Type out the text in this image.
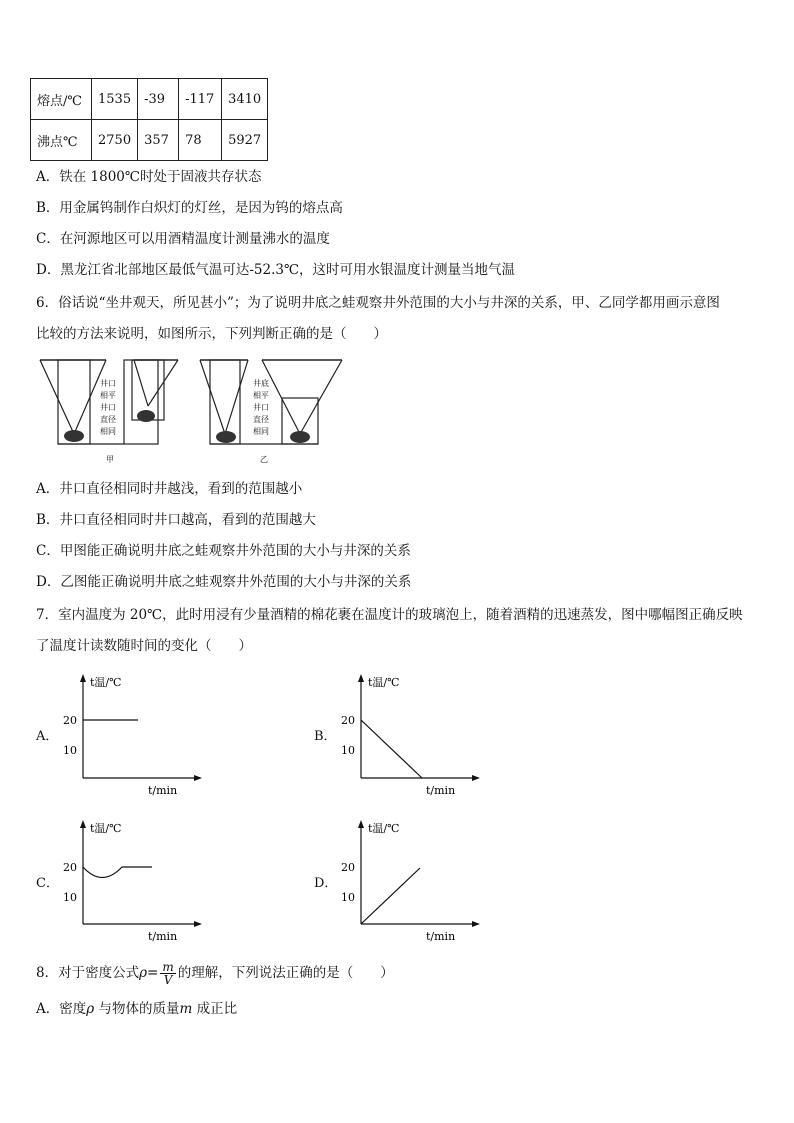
熔点/℃	1535	-39	-117	3410
沸点℃	2750	357	78	5927
A．铁在 1800℃时处于固液共存状态
B．用金属钨制作白炽灯的灯丝，是因为钨的熔点高
C．在河源地区可以用酒精温度计测量沸水的温度
D．黑龙江省北部地区最低气温可达-52.3℃，这时可用水银温度计测量当地气温
6．俗话说“坐井观天，所见甚小”；为了说明井底之蛙观察井外范围的大小与井深的关系，甲、乙同学都用画示意图
比较的方法来说明，如图所示，下列判断正确的是（　　）
井口
相平
井口
直径
相同
甲
井底
相平
井口
直径
相同
乙
A．井口直径相同时井越浅，看到的范围越小
B．井口直径相同时井口越高，看到的范围越大
C．甲图能正确说明井底之蛙观察井外范围的大小与井深的关系
D．乙图能正确说明井底之蛙观察井外范围的大小与井深的关系
7．室内温度为 20℃，此时用浸有少量酒精的棉花裹在温度计的玻璃泡上，随着酒精的迅速蒸发，图中哪幅图正确反映
了温度计读数随时间的变化（　　）
A．
t温/℃
t/min
20
10
B．
t温/℃
t/min
20
10
C．
t温/℃
t/min
20
10
D．
t温/℃
t/min
20
10
8．对于密度公式$\rho= \frac{m}{V}$ 的理解，下列说法正确的是（　　）
A．密度ρ 与物体的质量m 成正比
